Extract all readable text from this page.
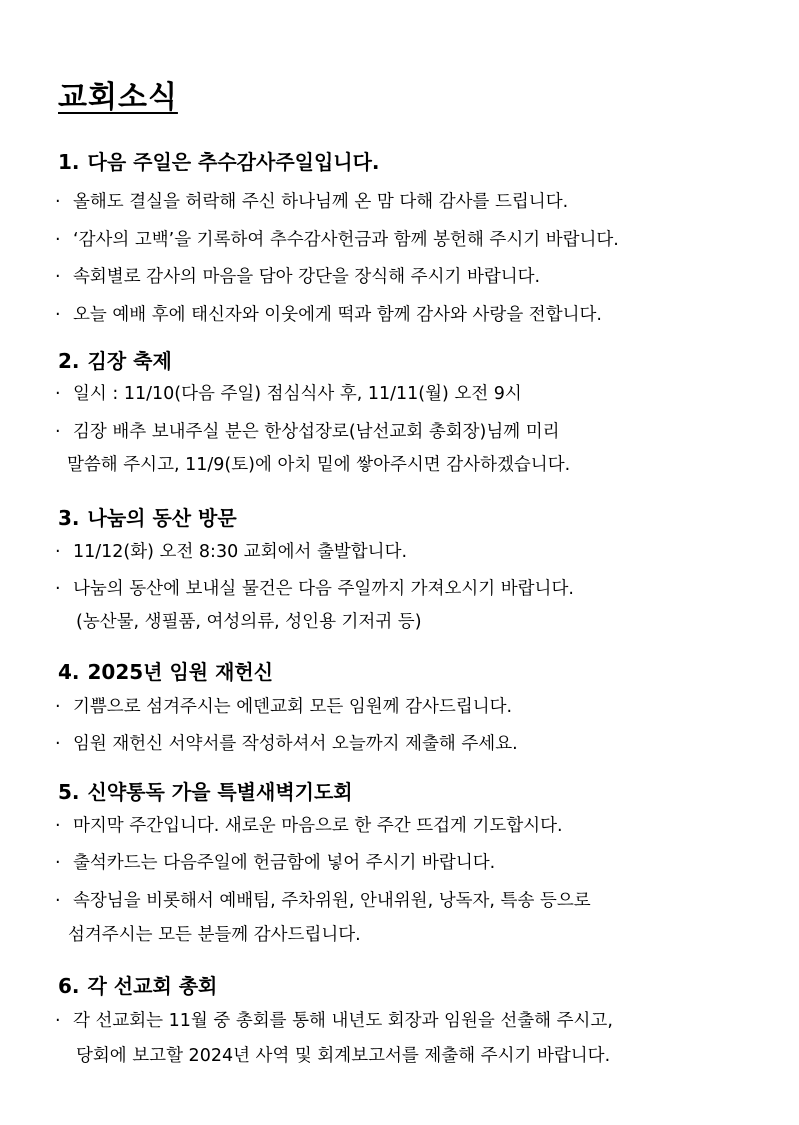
교회소식
1. 다음 주일은 추수감사주일입니다.
· 올해도 결실을 허락해 주신 하나님께 온 맘 다해 감사를 드립니다.
· ‘감사의 고백’을 기록하여 추수감사헌금과 함께 봉헌해 주시기 바랍니다.
· 속회별로 감사의 마음을 담아 강단을 장식해 주시기 바랍니다.
· 오늘 예배 후에 태신자와 이웃에게 떡과 함께 감사와 사랑을 전합니다.
2. 김장 축제
· 일시 : 11/10(다음 주일) 점심식사 후, 11/11(월) 오전 9시
· 김장 배추 보내주실 분은 한상섭장로(남선교회 총회장)님께 미리
말씀해 주시고, 11/9(토)에 아치 밑에 쌓아주시면 감사하겠습니다.
3. 나눔의 동산 방문
· 11/12(화) 오전 8:30 교회에서 출발합니다.
· 나눔의 동산에 보내실 물건은 다음 주일까지 가져오시기 바랍니다.
(농산물, 생필품, 여성의류, 성인용 기저귀 등)
4. 2025년 임원 재헌신
· 기쁨으로 섬겨주시는 에덴교회 모든 임원께 감사드립니다.
· 임원 재헌신 서약서를 작성하셔서 오늘까지 제출해 주세요.
5. 신약통독 가을 특별새벽기도회
· 마지막 주간입니다. 새로운 마음으로 한 주간 뜨겁게 기도합시다.
· 출석카드는 다음주일에 헌금함에 넣어 주시기 바랍니다.
· 속장님을 비롯해서 예배팀, 주차위원, 안내위원, 낭독자, 특송 등으로
섬겨주시는 모든 분들께 감사드립니다.
6. 각 선교회 총회
· 각 선교회는 11월 중 총회를 통해 내년도 회장과 임원을 선출해 주시고,
당회에 보고할 2024년 사역 및 회계보고서를 제출해 주시기 바랍니다.
